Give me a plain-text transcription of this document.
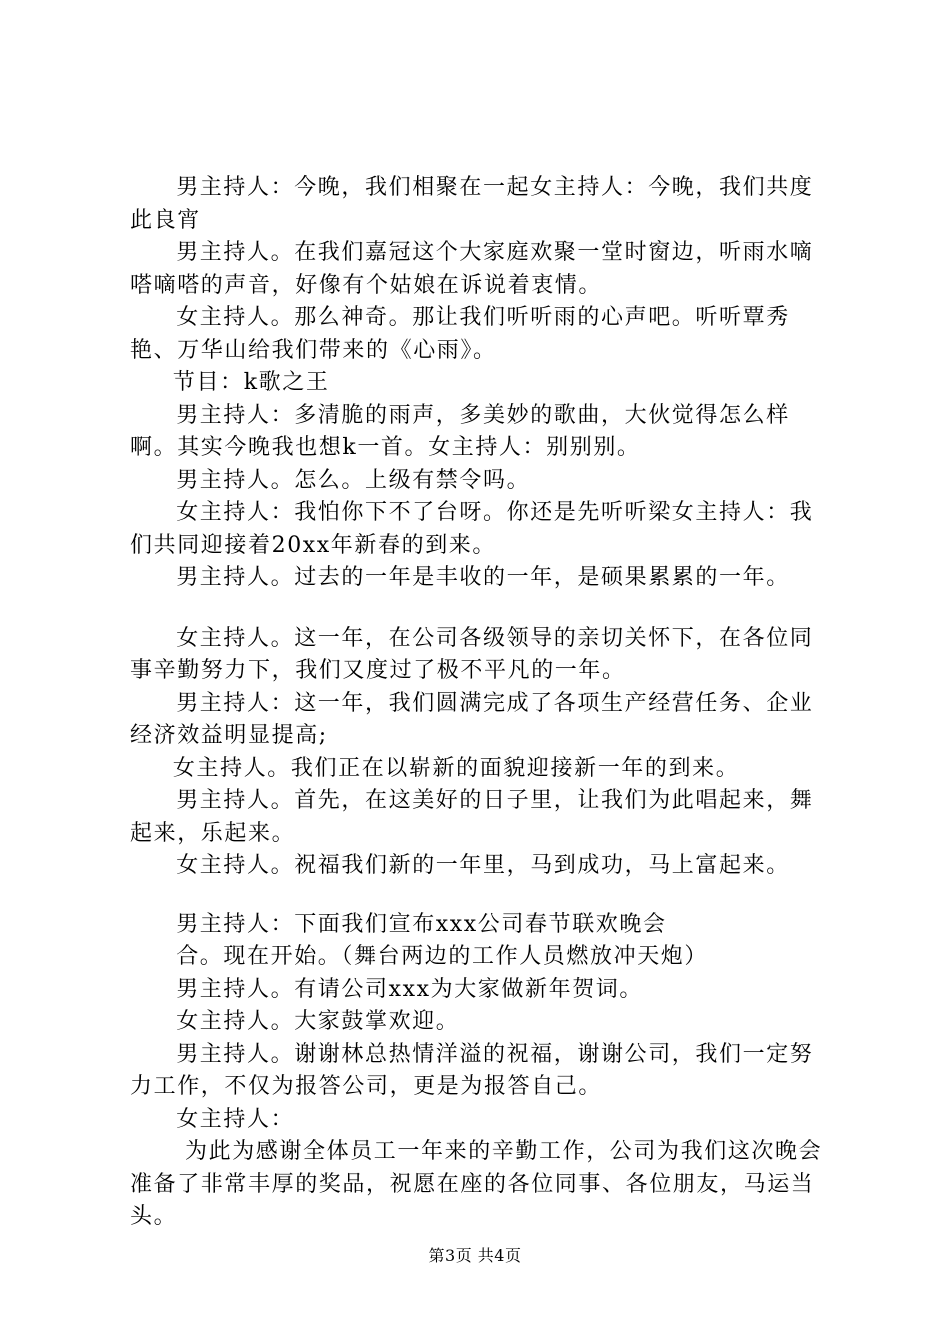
男主持人：今晚，我们相聚在一起女主持人：今晚，我们共度此良宵

男主持人。在我们嘉冠这个大家庭欢聚一堂时窗边，听雨水嘀嗒嘀嗒的声音，好像有个姑娘在诉说着衷情。

女主持人。那么神奇。那让我们听听雨的心声吧。听听覃秀艳、万华山给我们带来的《心雨》。

节目：k歌之王

男主持人：多清脆的雨声，多美妙的歌曲，大伙觉得怎么样啊。其实今晚我也想k一首。女主持人：别别别。

男主持人。怎么。上级有禁令吗。

女主持人：我怕你下不了台呀。你还是先听听梁女主持人：我们共同迎接着20xx年新春的到来。

男主持人。过去的一年是丰收的一年，是硕果累累的一年。

女主持人。这一年，在公司各级领导的亲切关怀下，在各位同事辛勤努力下，我们又度过了极不平凡的一年。

男主持人：这一年，我们圆满完成了各项生产经营任务、企业经济效益明显提高;

女主持人。我们正在以崭新的面貌迎接新一年的到来。

男主持人。首先，在这美好的日子里，让我们为此唱起来，舞起来，乐起来。

女主持人。祝福我们新的一年里，马到成功，马上富起来。

男主持人：下面我们宣布xxx公司春节联欢晚会

合。现在开始。（舞台两边的工作人员燃放冲天炮）

男主持人。有请公司xxx为大家做新年贺词。

女主持人。大家鼓掌欢迎。

男主持人。谢谢林总热情洋溢的祝福，谢谢公司，我们一定努力工作，不仅为报答公司，更是为报答自己。

女主持人：

为此为感谢全体员工一年来的辛勤工作，公司为我们这次晚会准备了非常丰厚的奖品，祝愿在座的各位同事、各位朋友，马运当头。

第3页 共4页
